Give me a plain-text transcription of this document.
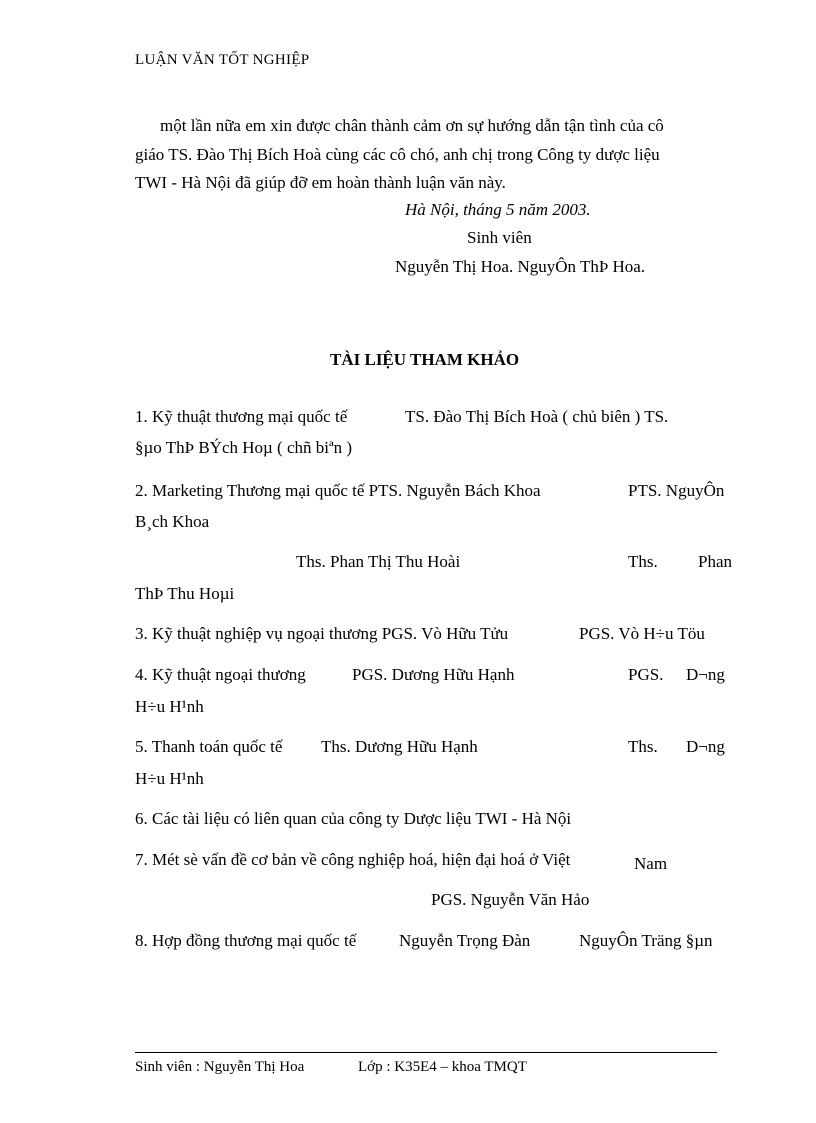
LUẬN VĂN TỐT NGHIỆP
một lần nữa em xin được chân thành cảm ơn sự hướng dẫn tận tình của cô
giáo TS. Đào Thị Bích Hoà cùng các cô chó, anh chị trong Công ty dược liệu
TWI - Hà Nội đã giúp đỡ em hoàn thành luận văn này.
Hà Nội, tháng 5 năm 2003.
Sinh viên
Nguyễn Thị Hoa. NguyÔn ThÞ Hoa.
TÀI LIỆU THAM KHẢO
1. Kỹ thuật thương mại quốc tế	TS. Đào Thị Bích Hoà ( chủ biên ) TS.
§µo ThÞ BÝch Hoµ ( chñ biªn )
2. Marketing Thương mại quốc tế PTS. Nguyễn Bách Khoa	PTS. NguyÔn
B¸ch Khoa
Ths. Phan Thị Thu Hoài	Ths. Phan
ThÞ Thu Hoµi
3. Kỹ thuật nghiệp vụ ngoại thương PGS. Vò Hữu Tửu	PGS. Vò H÷u Töu
4. Kỹ thuật ngoại thương	PGS. Dương Hữu Hạnh	PGS. D¬ng
H÷u H¹nh
5. Thanh toán quốc tế Ths. Dương Hữu Hạnh	Ths. D¬ng
H÷u H¹nh
6. Các tài liệu có liên quan của công ty Dược liệu TWI - Hà Nội
7. Mét sè vấn đề cơ bản về công nghiệp hoá, hiện đại hoá ở Việt	Nam
PGS. Nguyễn Văn Hảo
8. Hợp đồng thương mại quốc tế	Nguyễn Trọng Đàn	NguyÔn Träng §µn
Sinh viên : Nguyễn Thị Hoa	Lớp : K35E4 – khoa TMQT
